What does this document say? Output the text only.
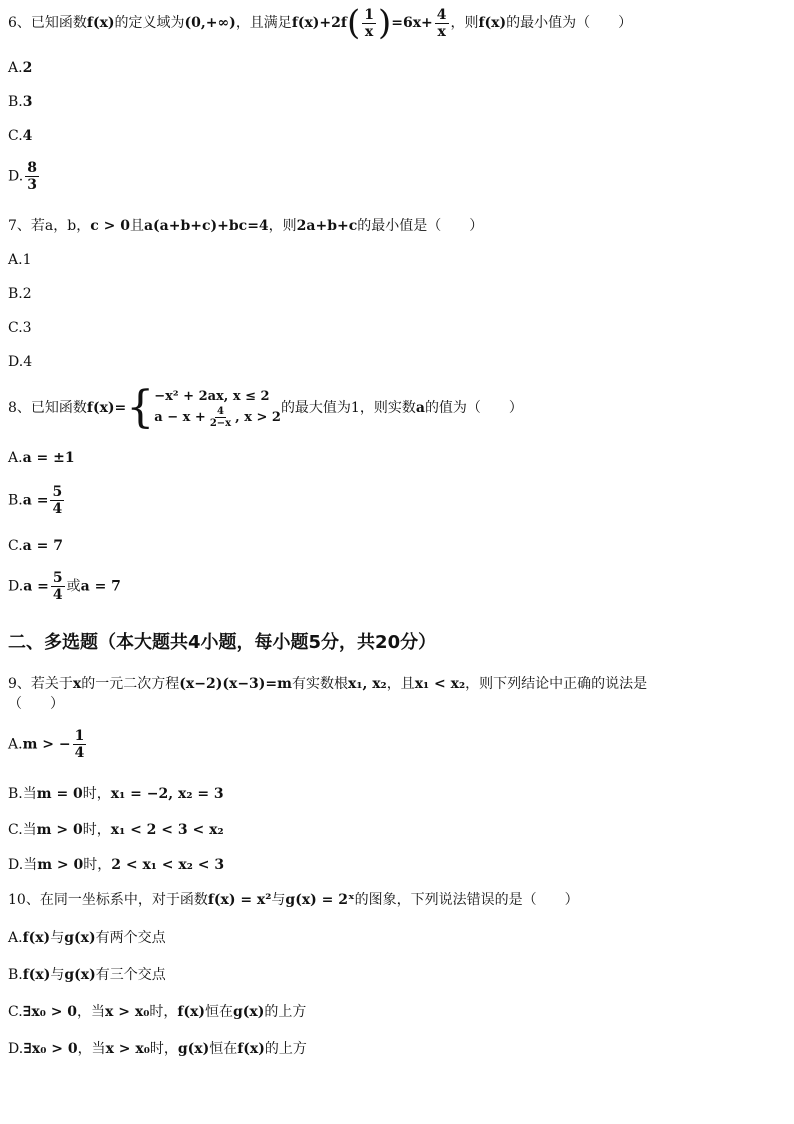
6、已知函数f(x)的定义域为(0,+∞)，且满足$f(x)+2f( \frac{1}{x} )=6x+ \frac{4}{x}$ ，则f(x)的最小值为（　　）
A.2
B.3
C.4
D. $\frac{8}{3}$
7、若a，b，c > 0且a(a+b+c)+bc=4，则2a+b+c的最小值是（　　）
A.1
B.2
C.3
D.4
8、已知函数f(x)={ −x² + 2ax, x ≤ 2
$a - x + \frac{4}{2-x}$ , x > 2
的最大值为1，则实数a的值为（　　）
A.a = ±1
$B.a = \frac{5}{4}$
C.a = 7
$D.a = \frac{5}{4}$ 或a = 7
二、多选题（本大题共4小题，每小题5分，共20分）
9、若关于x的一元二次方程(x−2)(x−3)=m有实数根x₁, x₂，且x₁ < x₂，则下列结论中正确的说法是
（　　）
A.m > − $\frac{1}{4}$
B.当m = 0时，x₁ = −2, x₂ = 3
C.当m > 0时，x₁ < 2 < 3 < x₂
D.当m > 0时，2 < x₁ < x₂ < 3
10、在同一坐标系中，对于函数f(x) = x²与g(x) = 2ˣ的图象，下列说法错误的是（　　）
A.f(x)与g(x)有两个交点
B.f(x)与g(x)有三个交点
C.∃x₀ > 0，当x > x₀时，f(x)恒在g(x)的上方
D.∃x₀ > 0，当x > x₀时，g(x)恒在f(x)的上方
